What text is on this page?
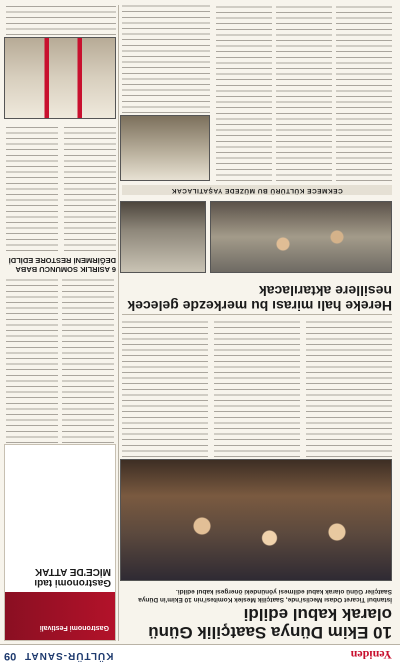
Yeniden
KÜLTÜR-SANAT
09
10 Ekim Dünya Saatçilik Günü olarak kabul edildi
İstanbul Ticaret Odası Meclisi'nde, Saatçilik Meslek Komitesi'nin 10 Ekim'in Dünya Saatçiler Günü olarak kabul edilmesi yönündeki önergesi kabul edildi.
Gastronomi Festivali
Gastronomi tadı MİCE'DE ATTAK
Hereke halı mirası bu merkezde gelecek nesillere aktarılacak
CEKMECE KÜLTÜRÜ BU MÜZEDE YAŞATILACAK
6 ASIRLIK SOMUNCU BABA DEĞİRMENİ RESTORE EDİLDİ
